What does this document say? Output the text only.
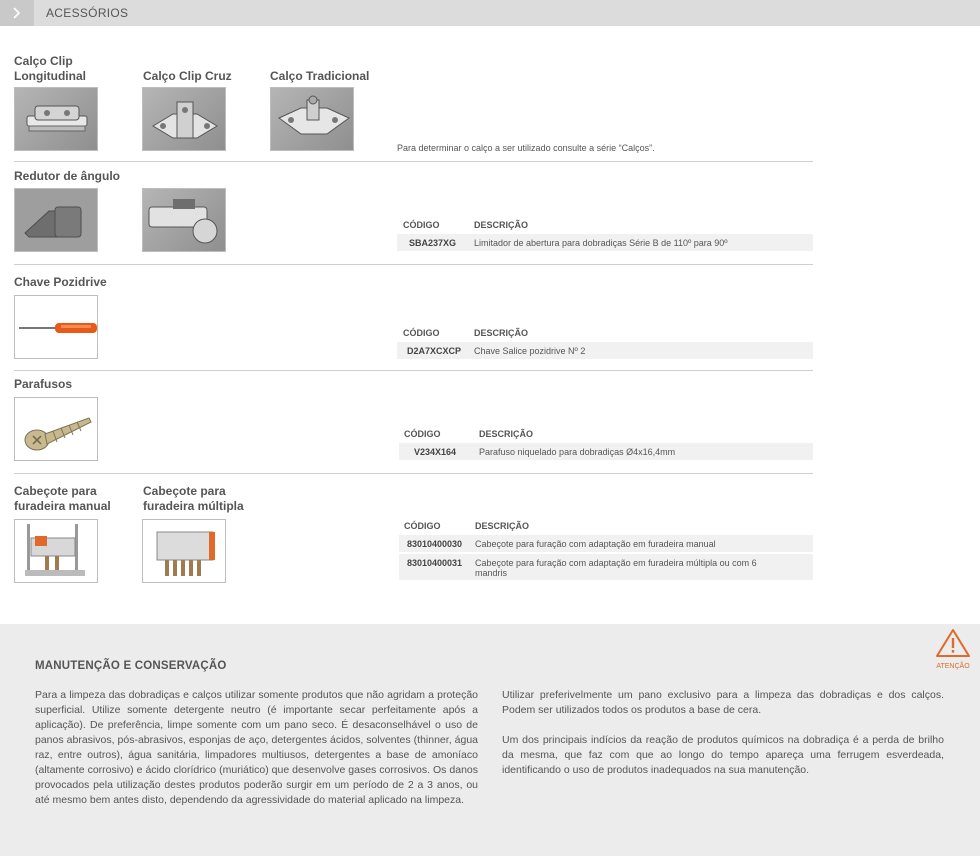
ACESSÓRIOS
Calço Clip Longitudinal	Calço Clip Cruz	Calço Tradicional
Para determinar o calço a ser utilizado consulte a série “Calços”.
Redutor de ângulo
CÓDIGO	DESCRIÇÃO
SBA237XG Limitador de abertura para dobradiças Série B de 110º para 90º
Chave Pozidrive
CÓDIGO	DESCRIÇÃO
D2A7XCXCP Chave Salice pozidrive Nº 2
Parafusos
CÓDIGO	DESCRIÇÃO
V234X164	Parafuso niquelado para dobradiças Ø4x16,4mm
Cabeçote para furadeira manual
Cabeçote para furadeira múltipla
CÓDIGO	DESCRIÇÃO
83010400030 Cabeçote para furação com adaptação em furadeira manual
83010400031 Cabeçote para furação com adaptação em furadeira múltipla ou com 6 mandris
ATENÇÃO
MANUTENÇÃO E CONSERVAÇÃO

Para a limpeza das dobradiças e calços utilizar somente produtos que não agridam a proteção superficial. Utilize somente detergente neutro (é importante secar perfeitamente após a aplicação). De preferência, limpe somente com um pano seco. É desaconselhável o uso de panos abrasivos, pós-abrasivos, esponjas de aço, detergentes ácidos, solventes (thinner, água raz, entre outros), água sanitária, limpadores multiusos, detergentes a base de amoníaco (altamente corrosivo) e ácido clorídrico (muriático) que desenvolve gases corrosivos. Os danos provocados pela utilização destes produtos poderão surgir em um período de 2 a 3 anos, ou até mesmo bem antes disto, dependendo da agressividade do material aplicado na limpeza.

Utilizar preferivelmente um pano exclusivo para a limpeza das dobradiças e dos calços. Podem ser utilizados todos os produtos a base de cera.

Um dos principais indícios da reação de produtos químicos na dobradiça é a perda de brilho da mesma, que faz com que ao longo do tempo apareça uma ferrugem esverdeada, identificando o uso de produtos inadequados na sua manutenção.
